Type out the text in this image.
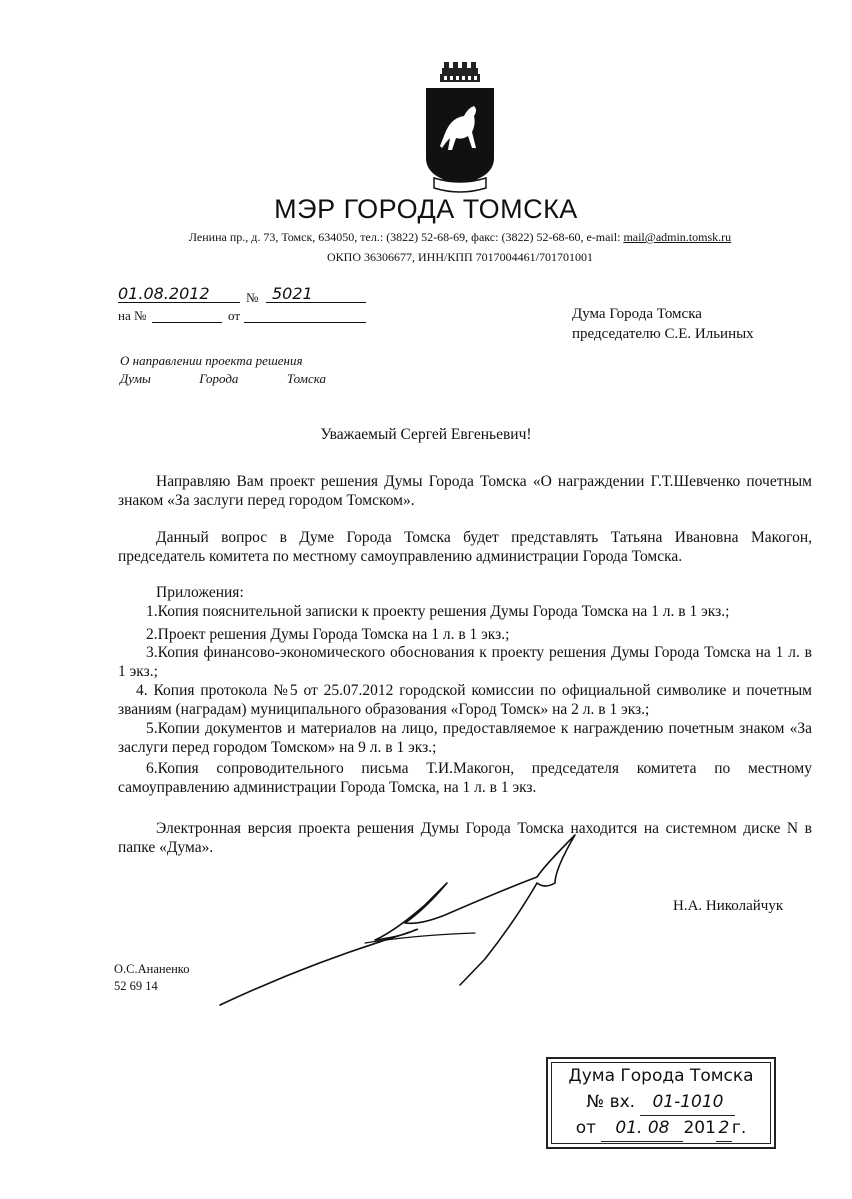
МЭР ГОРОДА ТОМСКА
Ленина пр., д. 73, Томск, 634050, тел.: (3822) 52-68-69, факс: (3822) 52-68-60, e-mail: mail@admin.tomsk.ru
ОКПО 36306677, ИНН/КПП 7017004461/701701001
01.08.2012	№ 5021
на №	от	Дума Города Томска
председателю С.Е. Ильиных
О направлении проекта решения
Думы	Города	Томска
Уважаемый Сергей Евгеньевич!
Направляю Вам проект решения Думы Города Томска «О награждении Г.Т.Шевченко почетным знаком «За заслуги перед городом Томском».
Данный вопрос в Думе Города Томска будет представлять Татьяна Ивановна Макогон, председатель комитета по местному самоуправлению администрации Города Томска.
Приложения:
1.Копия пояснительной записки к проекту решения Думы Города Томска на 1 л. в 1 экз.;
2.Проект решения Думы Города Томска на 1 л. в 1 экз.;
3.Копия финансово-экономического обоснования к проекту решения Думы Города Томска на 1 л. в 1 экз.;
4. Копия протокола №5 от 25.07.2012 городской комиссии по официальной символике и почетным званиям (наградам) муниципального образования «Город Томск» на 2 л. в 1 экз.;
5.Копии документов и материалов на лицо, предоставляемое к награждению почетным знаком «За заслуги перед городом Томском» на 9 л. в 1 экз.;
6.Копия сопроводительного письма Т.И.Макогон, председателя комитета по местному самоуправлению администрации Города Томска, на 1 л. в 1 экз.
Электронная версия проекта решения Думы Города Томска находится на системном диске N в папке «Дума».
Н.А. Николайчук
О.С.Ананенко
52 69 14
Дума Города Томска
№ вх. 01-1010
от 01. 08 201 2 г.
